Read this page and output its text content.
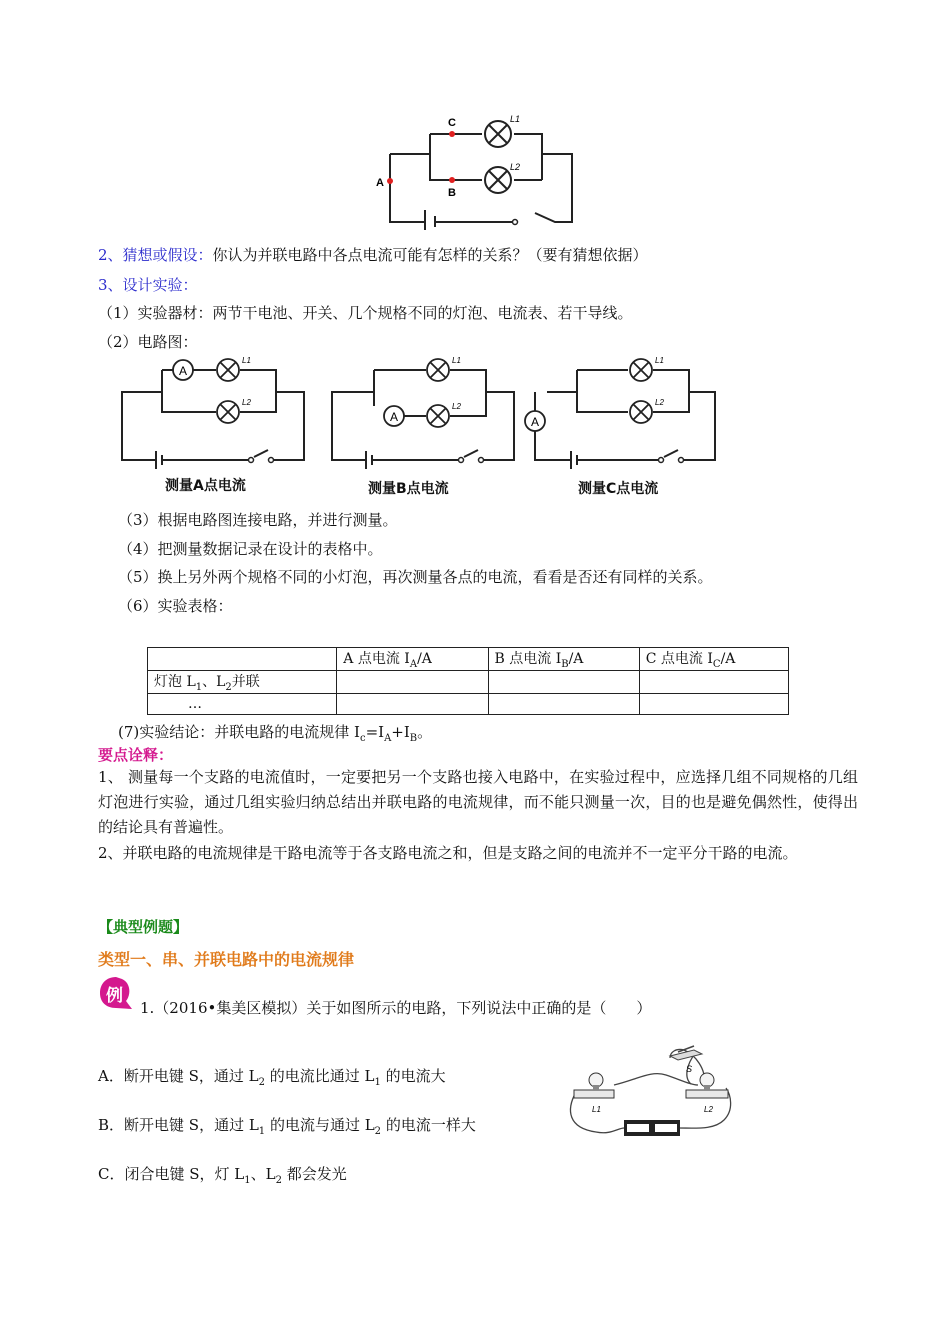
A
C
B
L1
L2
2、猜想或假设：你认为并联电路中各点电流可能有怎样的关系？（要有猜想依据）
3、设计实验：
（1）实验器材：两节干电池、开关、几个规格不同的灯泡、电流表、若干导线。
（2）电路图：
A
L1
L2
测量A点电流
A
L1
L2
测量B点电流
A
L1
L2
测量C点电流
（3）根据电路图连接电路，并进行测量。
（4）把测量数据记录在设计的表格中。
（5）换上另外两个规格不同的小灯泡，再次测量各点的电流，看看是否还有同样的关系。
（6）实验表格：
	A 点电流 $I_A/A$	B 点电流 $I_B/A$	C 点电流 $I_C/A$
灯泡 $L_1$、$L_2$并联			
…			
(7)实验结论：并联电路的电流规律 $I_c=I_A+I_B$。
要点诠释：
1、 测量每一个支路的电流值时，一定要把另一个支路也接入电路中，在实验过程中，应选择几组不同规格的几组灯泡进行实验，通过几组实验归纳总结出并联电路的电流规律，而不能只测量一次，目的也是避免偶然性，使得出的结论具有普遍性。
2、并联电路的电流规律是干路电流等于各支路电流之和，但是支路之间的电流并不一定平分干路的电流。
【典型例题】
类型一、串、并联电路中的电流规律
例
1.（2016•集美区模拟）关于如图所示的电路，下列说法中正确的是（　　）
A．断开电键 S，通过 $L_2$ 的电流比通过 $L_1$ 的电流大
B．断开电键 S，通过 $L_1$ 的电流与通过 $L_2$ 的电流一样大
C．闭合电键 S，灯 $L_1$、$L_2$ 都会发光
S
L1	L2
